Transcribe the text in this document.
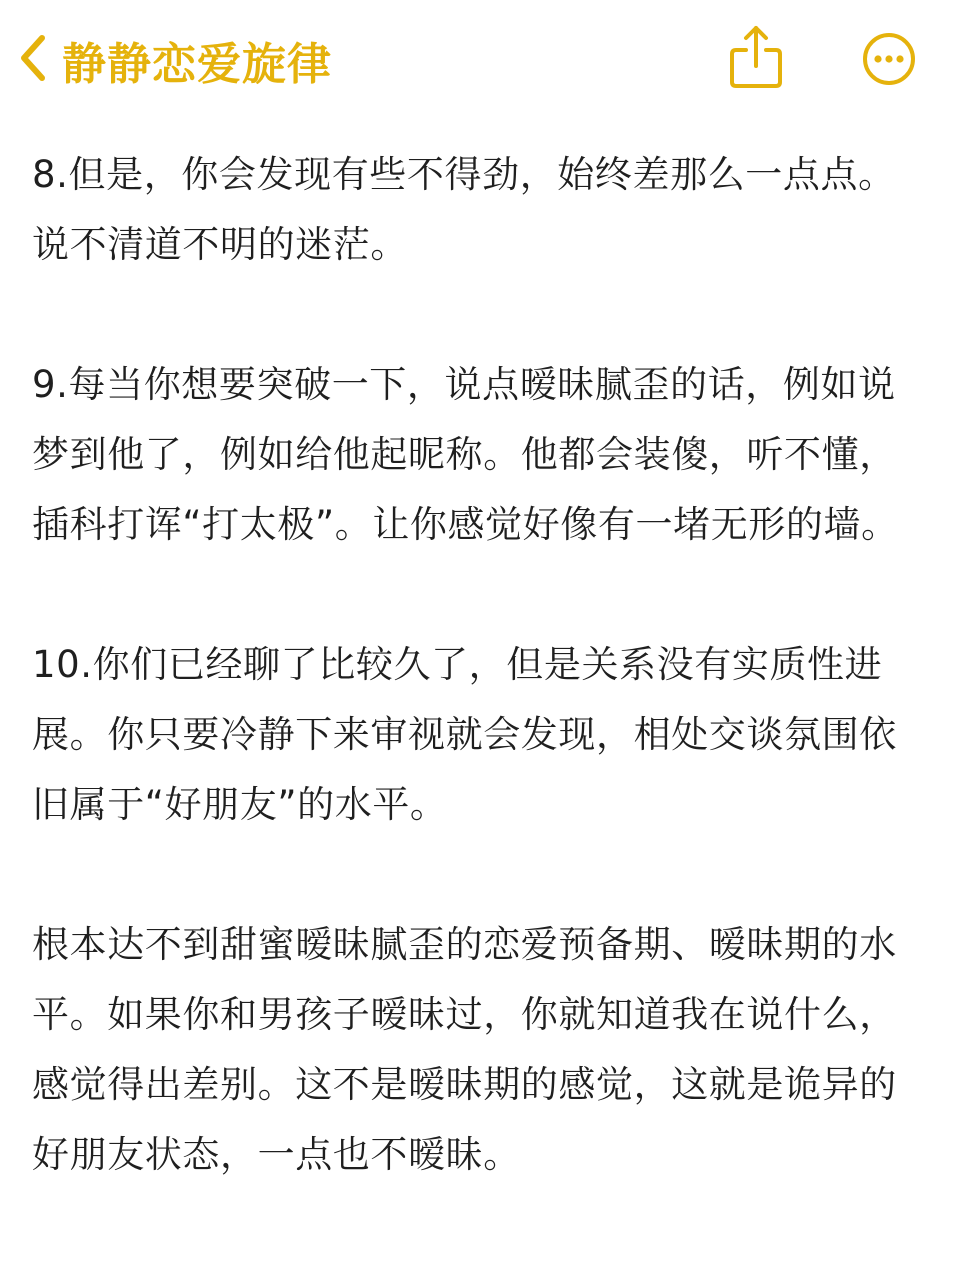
静静恋爱旋律

8.但是，你会发现有些不得劲，始终差那么一点点。说不清道不明的迷茫。

9.每当你想要突破一下，说点暧昧腻歪的话，例如说梦到他了，例如给他起昵称。他都会装傻，听不懂，插科打诨“打太极”。让你感觉好像有一堵无形的墙。

10.你们已经聊了比较久了，但是关系没有实质性进展。你只要冷静下来审视就会发现，相处交谈氛围依旧属于“好朋友”的水平。

根本达不到甜蜜暧昧腻歪的恋爱预备期、暧昧期的水平。如果你和男孩子暧昧过，你就知道我在说什么，感觉得出差别。这不是暧昧期的感觉，这就是诡异的好朋友状态，一点也不暧昧。
